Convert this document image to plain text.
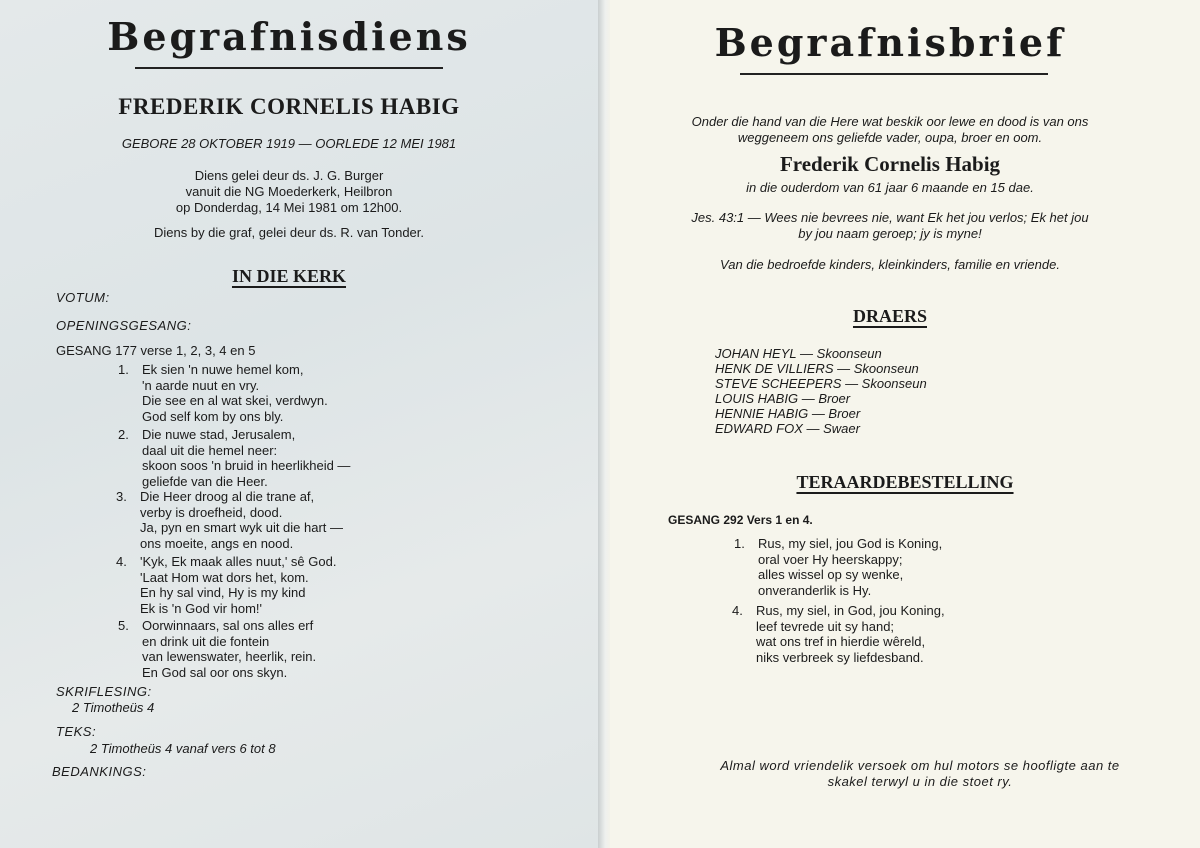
Begrafnisdiens
FREDERIK CORNELIS HABIG
GEBORE 28 OKTOBER 1919 — OORLEDE 12 MEI 1981
Diens gelei deur ds. J. G. Burger
vanuit die NG Moederkerk, Heilbron
op Donderdag, 14 Mei 1981 om 12h00.
Diens by die graf, gelei deur ds. R. van Tonder.
IN DIE KERK
VOTUM:
OPENINGSGESANG:
GESANG 177 verse 1, 2, 3, 4 en 5
1. Ek sien 'n nuwe hemel kom,
'n aarde nuut en vry.
Die see en al wat skei, verdwyn.
God self kom by ons bly.
2. Die nuwe stad, Jerusalem,
daal uit die hemel neer:
skoon soos 'n bruid in heerlikheid —
geliefde van die Heer.
3. Die Heer droog al die trane af,
verby is droefheid, dood.
Ja, pyn en smart wyk uit die hart —
ons moeite, angs en nood.
4. 'Kyk, Ek maak alles nuut,' sê God.
'Laat Hom wat dors het, kom.
En hy sal vind, Hy is my kind
Ek is 'n God vir hom!'
5. Oorwinnaars, sal ons alles erf
en drink uit die fontein
van lewenswater, heerlik, rein.
En God sal oor ons skyn.
SKRIFLESING:
2 Timotheüs 4
TEKS:
2 Timotheüs 4 vanaf vers 6 tot 8
BEDANKINGS:
Begrafnisbrief
Onder die hand van die Here wat beskik oor lewe en dood is van ons
weggeneem ons geliefde vader, oupa, broer en oom.
Frederik Cornelis Habig
in die ouderdom van 61 jaar 6 maande en 15 dae.
Jes. 43:1 — Wees nie bevrees nie, want Ek het jou verlos; Ek het jou
by jou naam geroep; jy is myne!
Van die bedroefde kinders, kleinkinders, familie en vriende.
DRAERS
JOHAN HEYL — Skoonseun
HENK DE VILLIERS — Skoonseun
STEVE SCHEEPERS — Skoonseun
LOUIS HABIG — Broer
HENNIE HABIG — Broer
EDWARD FOX — Swaer
TERAARDEBESTELLING
GESANG 292 Vers 1 en 4.
1. Rus, my siel, jou God is Koning,
oral voer Hy heerskappy;
alles wissel op sy wenke,
onveranderlik is Hy.
4. Rus, my siel, in God, jou Koning,
leef tevrede uit sy hand;
wat ons tref in hierdie wêreld,
niks verbreek sy liefdesband.
Almal word vriendelik versoek om hul motors se hoofligte aan te
skakel terwyl u in die stoet ry.
